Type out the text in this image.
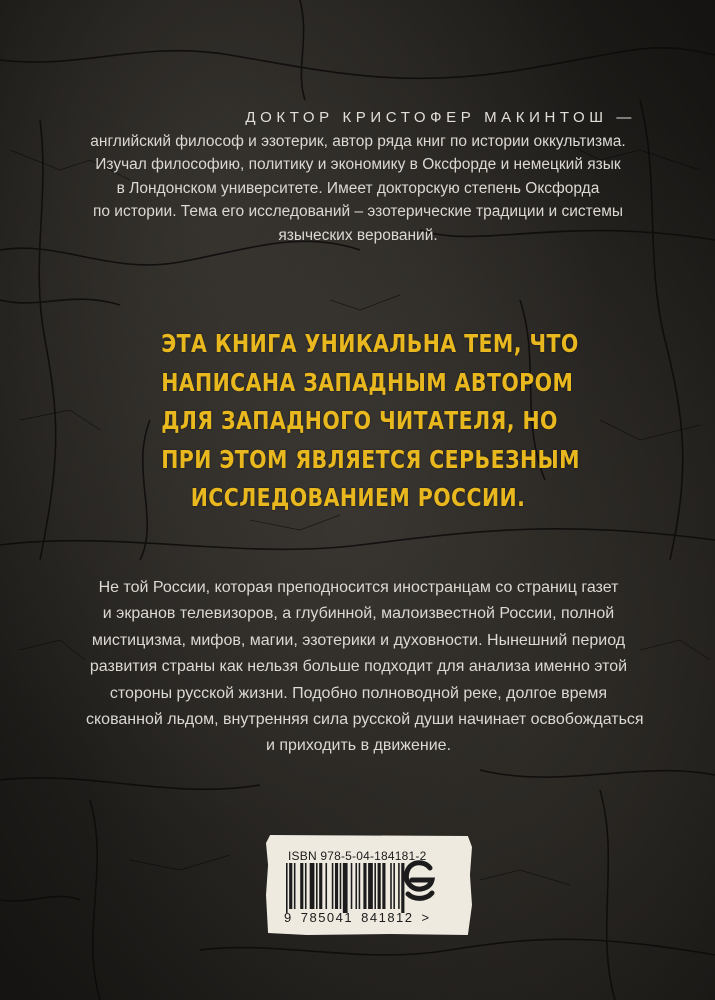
ДОКТОР КРИСТОФЕР МАКИНТОШ —
английский философ и эзотерик, автор ряда книг по истории оккультизма.
Изучал философию, политику и экономику в Оксфорде и немецкий язык
в Лондонском университете. Имеет докторскую степень Оксфорда
по истории. Тема его исследований – эзотерические традиции и системы
языческих верований.
ЭТА КНИГА УНИКАЛЬНА ТЕМ, ЧТО
НАПИСАНА ЗАПАДНЫМ АВТОРОМ
ДЛЯ ЗАПАДНОГО ЧИТАТЕЛЯ, НО
ПРИ ЭТОМ ЯВЛЯЕТСЯ СЕРЬЕЗНЫМ
ИССЛЕДОВАНИЕМ РОССИИ.
Не той России, которая преподносится иностранцам со страниц газет
и экранов телевизоров, а глубинной, малоизвестной России, полной
мистицизма, мифов, магии, эзотерики и духовности. Нынешний период
развития страны как нельзя больше подходит для анализа именно этой
стороны русской жизни. Подобно полноводной реке, долгое время
скованной льдом, внутренняя сила русской души начинает освобождаться
и приходить в движение.
ISBN 978-5-04-184181-2
9 785041 841812 >
